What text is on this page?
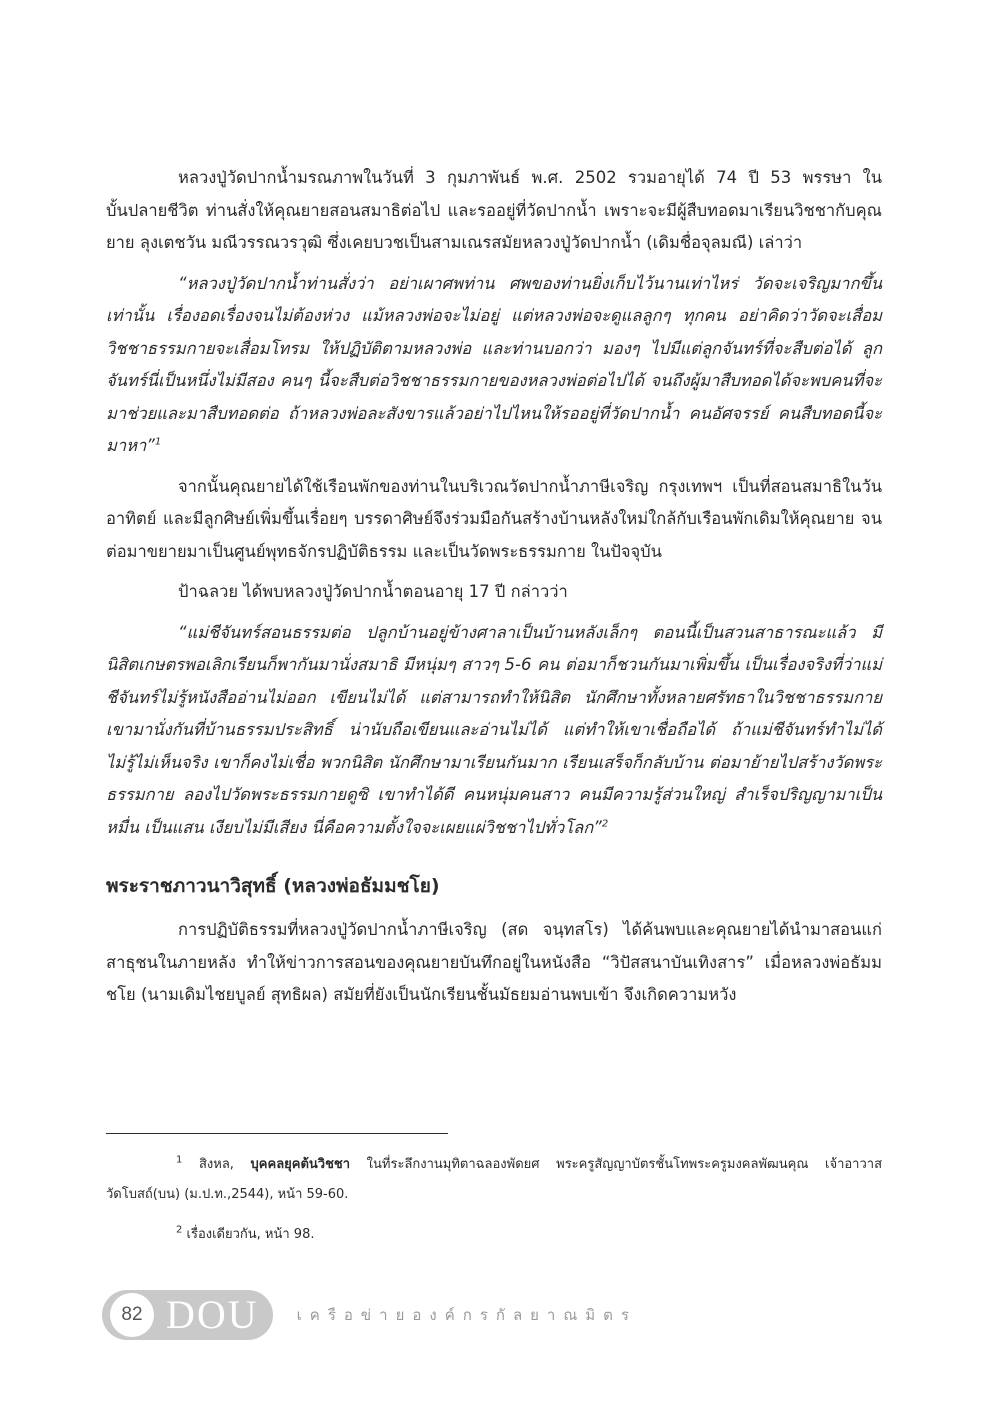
หลวงปู่วัดปากน้ำมรณภาพในวันที่ 3 กุมภาพันธ์ พ.ศ. 2502 รวมอายุได้ 74 ปี 53 พรรษา ในบั้นปลายชีวิต ท่านสั่งให้คุณยายสอนสมาธิต่อไป และรออยู่ที่วัดปากน้ำ เพราะจะมีผู้สืบทอดมาเรียนวิชชากับคุณยาย ลุงเตชวัน มณีวรรณวรวุฒิ ซึ่งเคยบวชเป็นสามเณรสมัยหลวงปู่วัดปากน้ำ (เดิมชื่อจุลมณี) เล่าว่า

“หลวงปู่วัดปากน้ำท่านสั่งว่า อย่าเผาศพท่าน ศพของท่านยิ่งเก็บไว้นานเท่าไหร่ วัดจะเจริญมากขึ้นเท่านั้น เรื่องอดเรื่องจนไม่ต้องห่วง แม้หลวงพ่อจะไม่อยู่ แต่หลวงพ่อจะดูแลลูกๆ ทุกคน อย่าคิดว่าวัดจะเสื่อมวิชชาธรรมกายจะเสื่อมโทรม ให้ปฏิบัติตามหลวงพ่อ และท่านบอกว่า มองๆ ไปมีแต่ลูกจันทร์ที่จะสืบต่อได้ ลูกจันทร์นี่เป็นหนึ่งไม่มีสอง คนๆ นี้จะสืบต่อวิชชาธรรมกายของหลวงพ่อต่อไปได้ จนถึงผู้มาสืบทอดได้จะพบคนที่จะมาช่วยและมาสืบทอดต่อ ถ้าหลวงพ่อละสังขารแล้วอย่าไปไหนให้รออยู่ที่วัดปากน้ำ คนอัศจรรย์ คนสืบทอดนี้จะมาหา”$^1$

จากนั้นคุณยายได้ใช้เรือนพักของท่านในบริเวณวัดปากน้ำภาษีเจริญ กรุงเทพฯ เป็นที่สอนสมาธิในวันอาทิตย์ และมีลูกศิษย์เพิ่มขึ้นเรื่อยๆ บรรดาศิษย์จึงร่วมมือกันสร้างบ้านหลังใหม่ใกล้กับเรือนพักเดิมให้คุณยาย จนต่อมาขยายมาเป็นศูนย์พุทธจักรปฏิบัติธรรม และเป็นวัดพระธรรมกาย ในปัจจุบัน

ป้าฉลวย ได้พบหลวงปู่วัดปากน้ำตอนอายุ 17 ปี กล่าวว่า

“แม่ชีจันทร์สอนธรรมต่อ ปลูกบ้านอยู่ข้างศาลาเป็นบ้านหลังเล็กๆ ตอนนี้เป็นสวนสาธารณะแล้ว มีนิสิตเกษตรพอเลิกเรียนก็พากันมานั่งสมาธิ มีหนุ่มๆ สาวๆ 5-6 คน ต่อมาก็ชวนกันมาเพิ่มขึ้น เป็นเรื่องจริงที่ว่าแม่ชีจันทร์ไม่รู้หนังสืออ่านไม่ออก เขียนไม่ได้ แต่สามารถทำให้นิสิต นักศึกษาทั้งหลายศรัทธาในวิชชาธรรมกาย เขามานั่งกันที่บ้านธรรมประสิทธิ์ น่านับถือเขียนและอ่านไม่ได้ แต่ทำให้เขาเชื่อถือได้ ถ้าแม่ชีจันทร์ทำไม่ได้ ไม่รู้ไม่เห็นจริง เขาก็คงไม่เชื่อ พวกนิสิต นักศึกษามาเรียนกันมาก เรียนเสร็จก็กลับบ้าน ต่อมาย้ายไปสร้างวัดพระธรรมกาย ลองไปวัดพระธรรมกายดูซิ เขาทำได้ดี คนหนุ่มคนสาว คนมีความรู้ส่วนใหญ่ สำเร็จปริญญามาเป็นหมื่น เป็นแสน เงียบไม่มีเสียง นี่คือความตั้งใจจะเผยแผ่วิชชาไปทั่วโลก”$^2$

พระราชภาวนาวิสุทธิ์ (หลวงพ่อธัมมชโย)

การปฏิบัติธรรมที่หลวงปู่วัดปากน้ำภาษีเจริญ (สด จนฺทสโร) ได้ค้นพบและคุณยายได้นำมาสอนแก่สาธุชนในภายหลัง ทำให้ข่าวการสอนของคุณยายบันทึกอยู่ในหนังสือ “วิปัสสนาบันเทิงสาร” เมื่อหลวงพ่อธัมมชโย (นามเดิมไชยบูลย์ สุทธิผล) สมัยที่ยังเป็นนักเรียนชั้นมัธยมอ่านพบเข้า จึงเกิดความหวัง

$^1$ สิงหล, บุคคลยุคต้นวิชชา ในที่ระลึกงานมุทิตาฉลองพัดยศ พระครูสัญญาบัตรชั้นโทพระครูมงคลพัฒนคุณ เจ้าอาวาสวัดโบสถ์(บน) (ม.ป.ท.,2544), หน้า 59-60.

$^2$ เรื่องเดียวกัน, หน้า 98.

82 DOU	เครือข่ายองค์กรกัลยาณมิตร
